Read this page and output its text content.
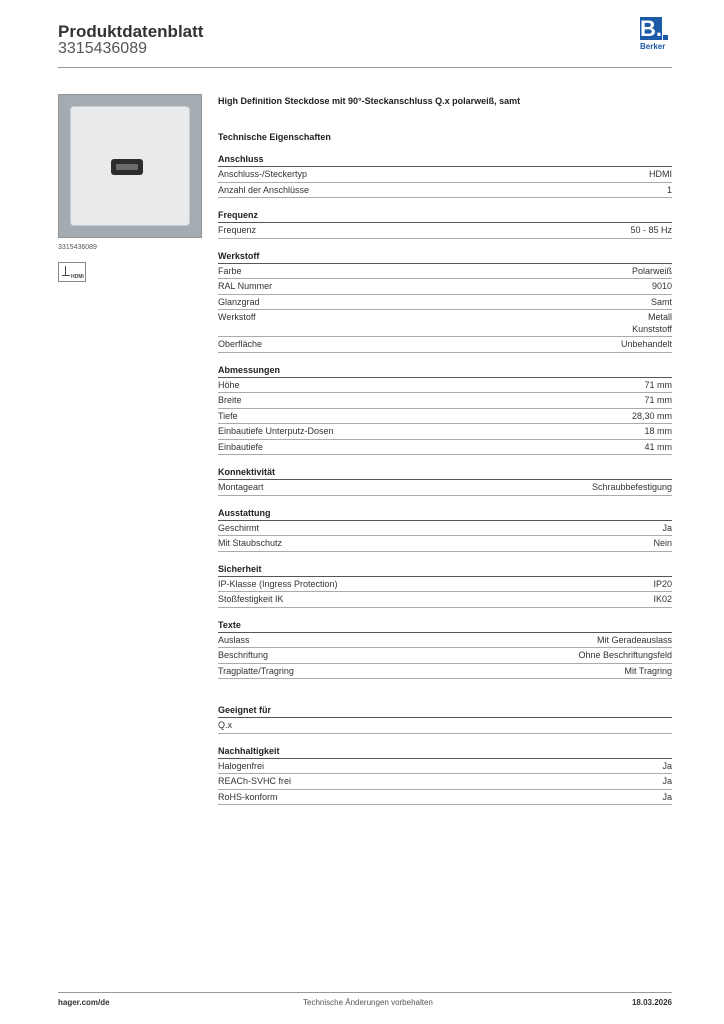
Produktdatenblatt
3315436089
B.
Berker
3315436089
HDMI
High Definition Steckdose mit 90°-Steckanschluss Q.x polarweiß, samt
Technische Eigenschaften
Anschluss
Anschluss-/Steckertyp	HDMI
Anzahl der Anschlüsse	1
Frequenz
Frequenz	50 - 85 Hz
Werkstoff
Farbe	Polarweiß
RAL Nummer	9010
Glanzgrad	Samt
Werkstoff	Metall
Kunststoff
Oberfläche	Unbehandelt
Abmessungen
Höhe	71 mm
Breite	71 mm
Tiefe	28,30 mm
Einbautiefe Unterputz-Dosen	18 mm
Einbautiefe	41 mm
Konnektivität
Montageart	Schraubbefestigung
Ausstattung
Geschirmt	Ja
Mit Staubschutz	Nein
Sicherheit
IP-Klasse (Ingress Protection)	IP20
Stoßfestigkeit IK	IK02
Texte
Auslass	Mit Geradeauslass
Beschriftung	Ohne Beschriftungsfeld
Tragplatte/Tragring	Mit Tragring
Geeignet für
Q.x
Nachhaltigkeit
Halogenfrei	Ja
REACh-SVHC frei	Ja
RoHS-konform	Ja
hager.com/de	Technische Änderungen vorbehalten	18.03.2026
